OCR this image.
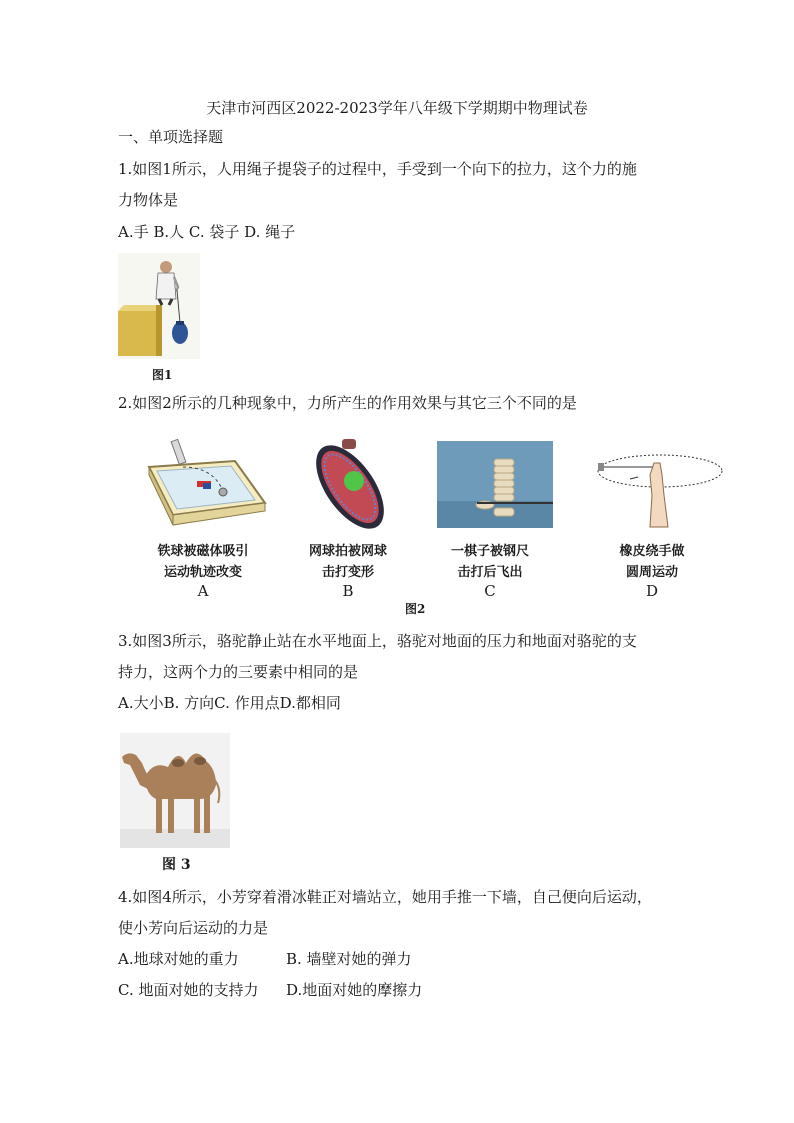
天津市河西区2022-2023学年八年级下学期期中物理试卷
一、单项选择题
1.如图1所示，人用绳子提袋子的过程中，手受到一个向下的拉力，这个力的施
力物体是
A.手 B.人 C. 袋子 D. 绳子
图1
2.如图2所示的几种现象中，力所产生的作用效果与其它三个不同的是
铁球被磁体吸引
运动轨迹改变
A
网球拍被网球
击打变形
B
一棋子被钢尺
击打后飞出
C
橡皮绕手做
圆周运动
D
图2
3.如图3所示，骆驼静止站在水平地面上，骆驼对地面的压力和地面对骆驼的支
持力，这两个力的三要素中相同的是
A.大小B. 方向C. 作用点D.都相同
图 3
4.如图4所示，小芳穿着滑冰鞋正对墙站立，她用手推一下墙，自己便向后运动，
使小芳向后运动的力是
A.地球对她的重力	B. 墙壁对她的弹力
C. 地面对她的支持力 D.地面对她的摩擦力
